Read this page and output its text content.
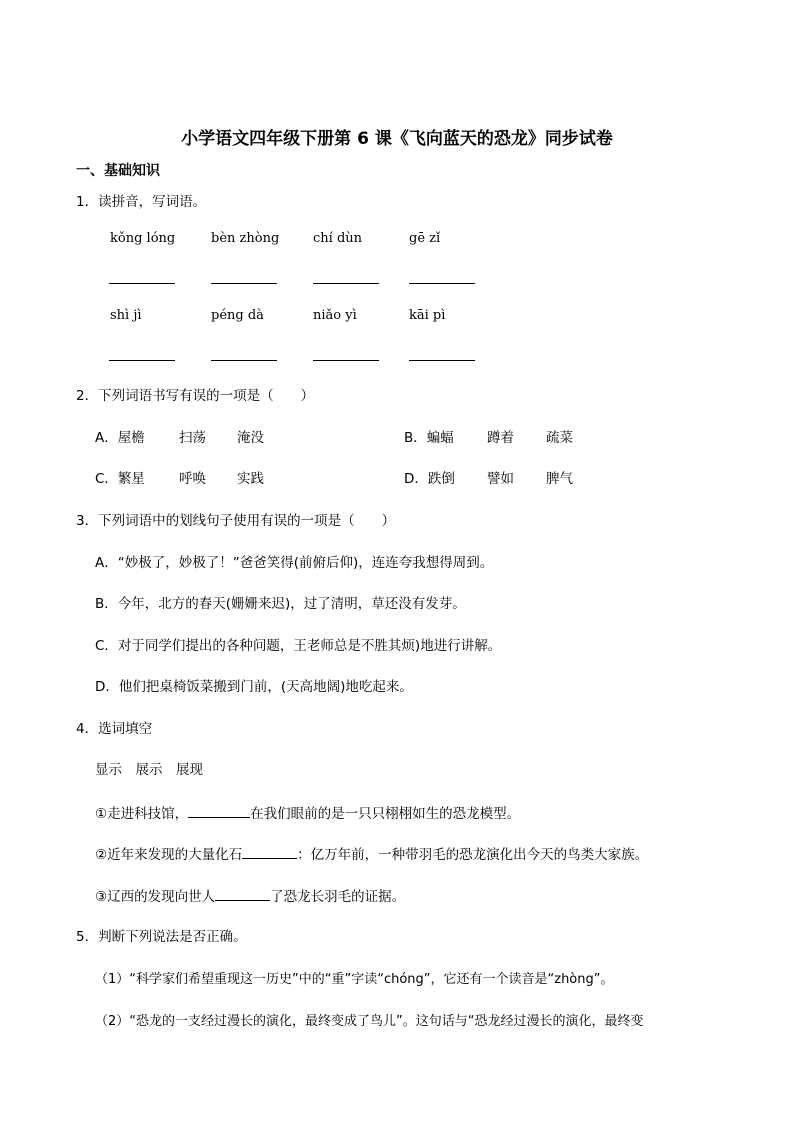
小学语文四年级下册第 6 课《飞向蓝天的恐龙》同步试卷
一、基础知识
1．读拼音，写词语。
kǒng lóng	bèn zhòng	chí dùn	gē zǐ
shì jì	péng dà	niǎo yì	kāi pì
2．下列词语书写有误的一项是（　　）
A．屋檐	扫荡 淹没	B．蝙蝠 蹲着 疏菜
C．繁星	呼唤 实践	D．跌倒 譬如 脾气
3．下列词语中的划线句子使用有误的一项是（　　）
A．“妙极了，妙极了！”爸爸笑得(前俯后仰)，连连夸我想得周到。
B．今年，北方的春天(姗姗来迟)，过了清明，草还没有发芽。
C．对于同学们提出的各种问题，王老师总是不胜其烦)地进行讲解。
D．他们把桌椅饭菜搬到门前，(天高地阔)地吃起来。
4．选词填空
显示　展示　展现
①走进科技馆，	在我们眼前的是一只只栩栩如生的恐龙模型。
②近年来发现的大量化石	：亿万年前，一种带羽毛的恐龙演化出今天的鸟类大家族。
③辽西的发现向世人	了恐龙长羽毛的证据。
5．判断下列说法是否正确。
（1）“科学家们希望重现这一历史”中的“重”字读“chóng”，它还有一个读音是“zhòng”。
（2）“恐龙的一支经过漫长的演化，最终变成了鸟儿”。这句话与“恐龙经过漫长的演化，最终变
